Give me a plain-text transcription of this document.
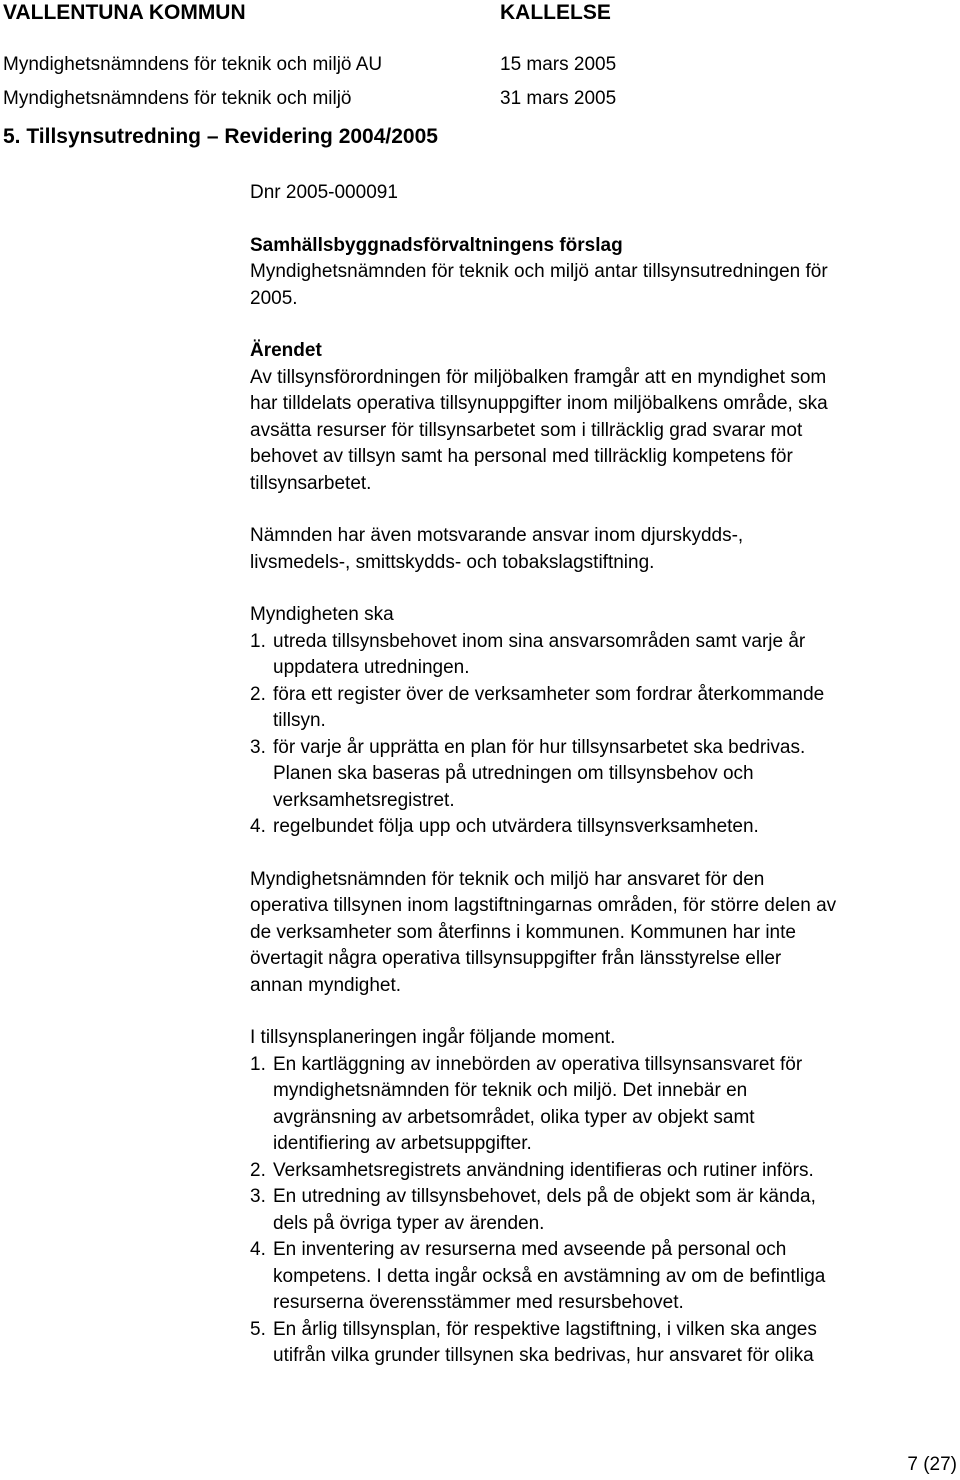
VALLENTUNA KOMMUN	KALLELSE
Myndighetsnämndens för teknik och miljö AU	15 mars 2005
Myndighetsnämndens för teknik och miljö	31 mars 2005
5. Tillsynsutredning – Revidering 2004/2005

Dnr 2005-000091

Samhällsbyggnadsförvaltningens förslag

Myndighetsnämnden för teknik och miljö antar tillsynsutredningen för
2005.

Ärendet

Av tillsynsförordningen för miljöbalken framgår att en myndighet som
har tilldelats operativa tillsynuppgifter inom miljöbalkens område, ska
avsätta resurser för tillsynsarbetet som i tillräcklig grad svarar mot
behovet av tillsyn samt ha personal med tillräcklig kompetens för
tillsynsarbetet.
Nämnden har även motsvarande ansvar inom djurskydds-,
livsmedels-, smittskydds- och tobakslagstiftning.

Myndigheten ska

1. utreda tillsynsbehovet inom sina ansvarsområden samt varje år
uppdatera utredningen.
2. föra ett register över de verksamheter som fordrar återkommande
tillsyn.
3. för varje år upprätta en plan för hur tillsynsarbetet ska bedrivas.
Planen ska baseras på utredningen om tillsynsbehov och
verksamhetsregistret.
4. regelbundet följa upp och utvärdera tillsynsverksamheten.
Myndighetsnämnden för teknik och miljö har ansvaret för den
operativa tillsynen inom lagstiftningarnas områden, för större delen av
de verksamheter som återfinns i kommunen. Kommunen har inte
övertagit några operativa tillsynsuppgifter från länsstyrelse eller
annan myndighet.

I tillsynsplaneringen ingår följande moment.

1. En kartläggning av innebörden av operativa tillsynsansvaret för
myndighetsnämnden för teknik och miljö. Det innebär en
avgränsning av arbetsområdet, olika typer av objekt samt
identifiering av arbetsuppgifter.
2. Verksamhetsregistrets användning identifieras och rutiner införs.
3. En utredning av tillsynsbehovet, dels på de objekt som är kända,
dels på övriga typer av ärenden.
4. En inventering av resurserna med avseende på personal och
kompetens. I detta ingår också en avstämning av om de befintliga
resurserna överensstämmer med resursbehovet.
5. En årlig tillsynsplan, för respektive lagstiftning, i vilken ska anges
utifrån vilka grunder tillsynen ska bedrivas, hur ansvaret för olika
7 (27)
